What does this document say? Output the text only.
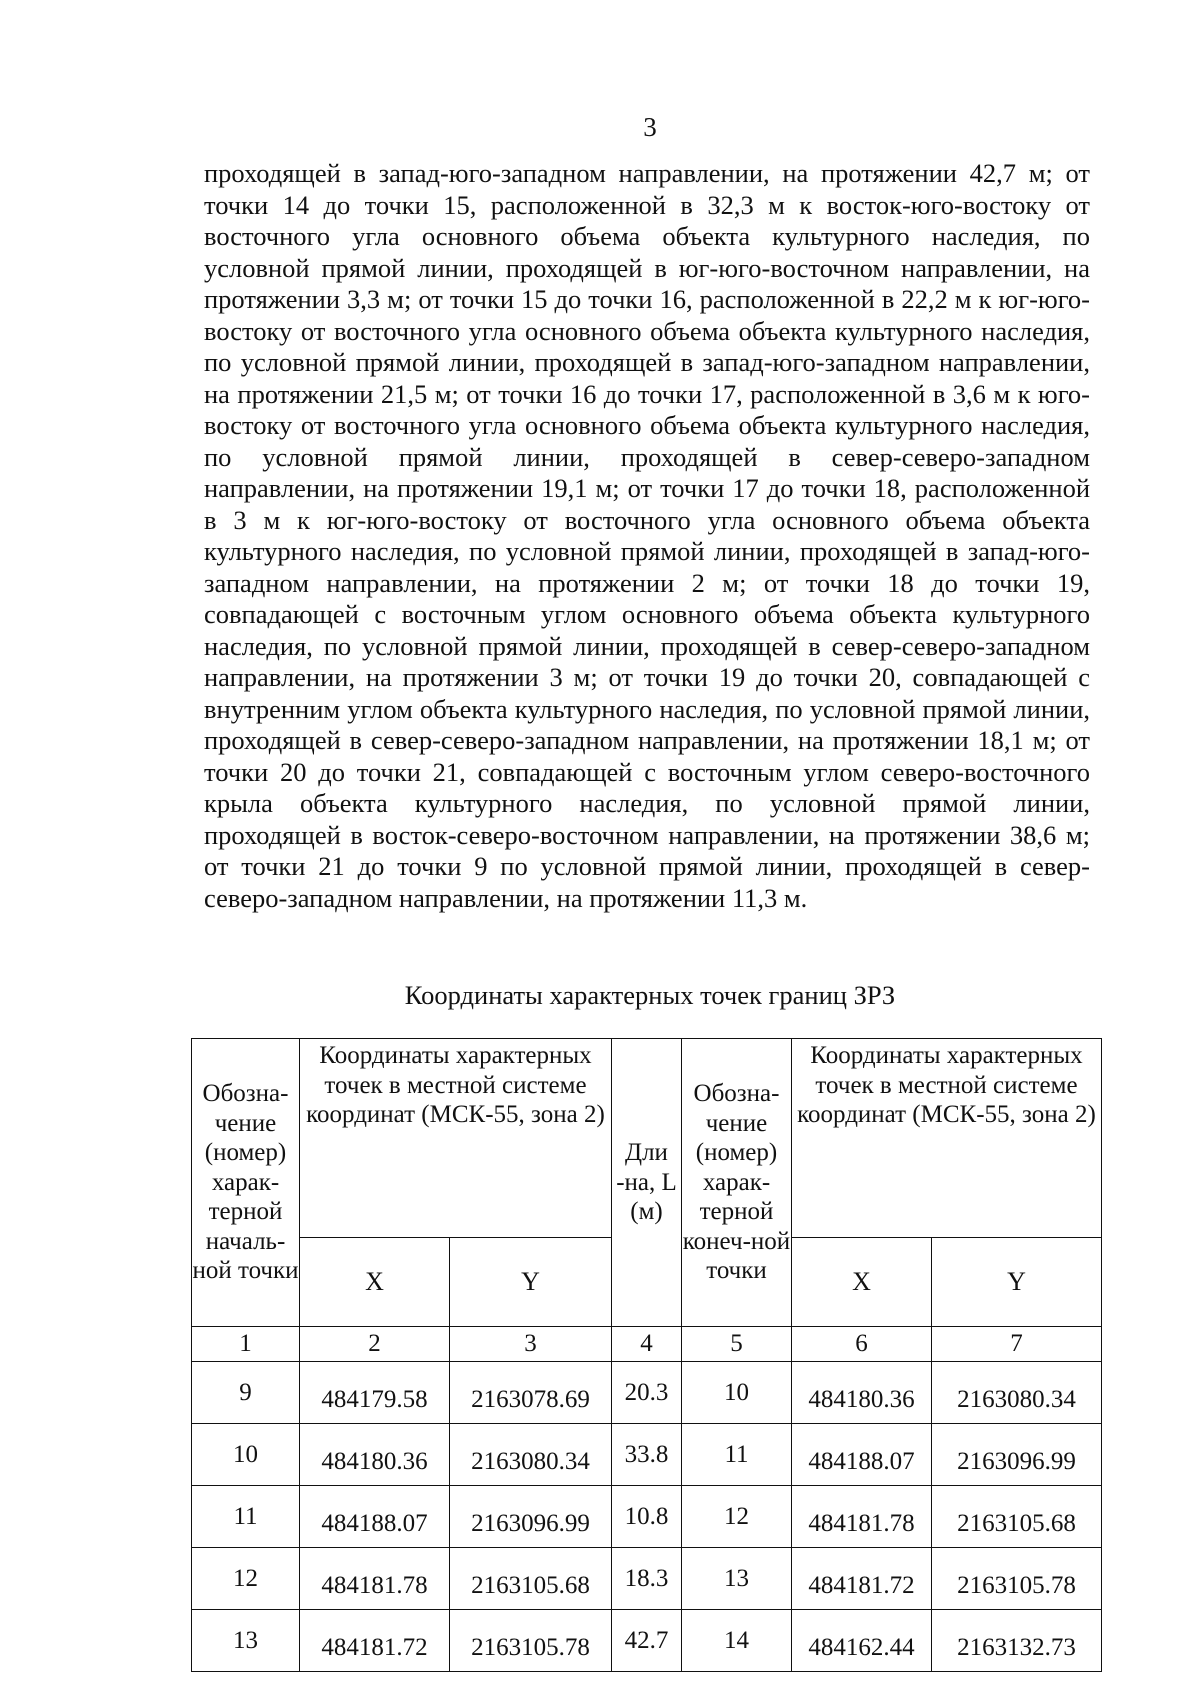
3

проходящей в запад-юго-западном направлении, на протяжении 42,7 м; от точки 14 до точки 15, расположенной в 32,3 м к восток-юго-востоку от восточного угла основного объема объекта культурного наследия, по условной прямой линии, проходящей в юг-юго-восточном направлении, на протяжении 3,3 м; от точки 15 до точки 16, расположенной в 22,2 м к юг-юго-востоку от восточного угла основного объема объекта культурного наследия, по условной прямой линии, проходящей в запад-юго-западном направлении, на протяжении 21,5 м; от точки 16 до точки 17, расположенной в 3,6 м к юго-востоку от восточного угла основного объема объекта культурного наследия, по условной прямой линии, проходящей в север-северо-западном направлении, на протяжении 19,1 м; от точки 17 до точки 18, расположенной в 3 м к юг-юго-востоку от восточного угла основного объема объекта культурного наследия, по условной прямой линии, проходящей в запад-юго-западном направлении, на протяжении 2 м; от точки 18 до точки 19, совпадающей с восточным углом основного объема объекта культурного наследия, по условной прямой линии, проходящей в север-северо-западном направлении, на протяжении 3 м; от точки 19 до точки 20, совпадающей с внутренним углом объекта культурного наследия, по условной прямой линии, проходящей в север-северо-западном направлении, на протяжении 18,1 м; от точки 20 до точки 21, совпадающей с восточным углом северо-восточного крыла объекта культурного наследия, по условной прямой линии, проходящей в восток-северо-восточном направлении, на протяжении 38,6 м; от точки 21 до точки 9 по условной прямой линии, проходящей в север-северо-западном направлении, на протяжении 11,3 м.

Координаты характерных точек границ ЗРЗ
Обозна-чение (номер) харак-терной началь-ной точки	Координаты характерных точек в местной системе координат (МСК-55, зона 2)		Дли -на, L (м)	Обозна-чение (номер) харак-терной конеч-ной точки	Координаты характерных точек в местной системе координат (МСК-55, зона 2)	
	X	Y			X	Y
1	2	3	4	5	6	7
9	484179.58	2163078.69	20.3	10	484180.36	2163080.34
10	484180.36	2163080.34	33.8	11	484188.07	2163096.99
11	484188.07	2163096.99	10.8	12	484181.78	2163105.68
12	484181.78	2163105.68	18.3	13	484181.72	2163105.78
13	484181.72	2163105.78	42.7	14	484162.44	2163132.73
